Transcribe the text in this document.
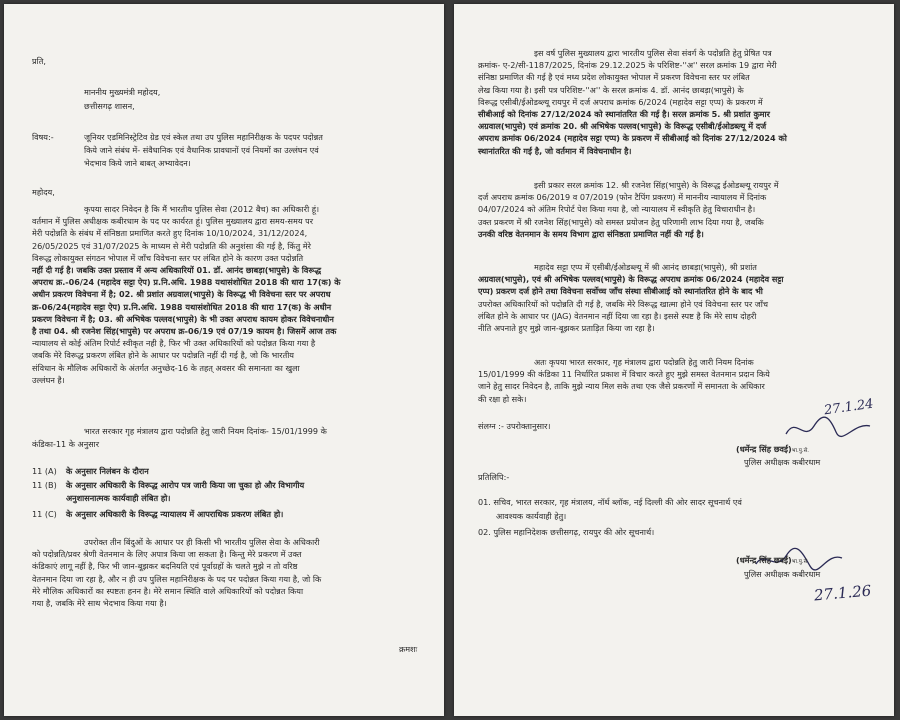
प्रति,
माननीय मुख्यमंत्री महोदय,
छत्तीसगढ़ शासन,
विषय:-	जूनियर एडमिनिस्ट्रेटिव ग्रेड एवं स्केल तथा उप पुलिस महानिरीक्षक के पदपर पदोन्नत
किये जाने संबंध में- संवैधानिक एवं वैधानिक प्रावधानों एवं नियमों का उल्लंघन एवं
भेदभाव किये जाने बाबत् अभ्यावेदन।
महोदय,
कृपया सादर निवेदन है कि मैं भारतीय पुलिस सेवा (2012 बैच) का अधिकारी हूं।
वर्तमान में पुलिस अधीक्षक कबीरधाम के पद पर कार्यरत हूं। पुलिस मुख्यालय द्वारा समय-समय पर
मेरी पदोन्नति के संबंध में संनिष्ठता प्रमाणित करते हुए दिनांक 10/10/2024, 31/12/2024,
26/05/2025 एवं 31/07/2025 के माध्यम से मेरी पदोन्नति की अनुशंसा की गई है, किंतु मेरे
विरूद्ध लोकायुक्त संगठन भोपाल में जाँच विवेचना स्तर पर लंबित होने के कारण उक्त पदोन्नति
नहीं दी गई है। जबकि उक्त प्रस्ताव में अन्य अधिकारियों 01. डॉ. आनंद छाबड़ा(भापुसे) के विरूद्ध
अपराध क्र.-06/24 (महादेव सट्टा ऐप) प्र.नि.अधि. 1988 यथासंशोधित 2018 की धारा 17(क) के
अधीन प्रकरण विवेचना में है; 02. श्री प्रशांत अग्रवाल(भापुसे) के विरूद्ध भी विवेचना स्तर पर अपराध
क्र-06/24(महादेव सट्टा ऐप) प्र.नि.अधि. 1988 यथासंशोधित 2018 की धारा 17(क) के अधीन
प्रकरण विवेचना में है; 03. श्री अभिषेक पल्लव(भापुसे) के भी उक्त अपराध कायम होकर विवेचनाधीन
है तथा 04. श्री रजनेश सिंह(भापुसे) पर अपराध क्र-06/19 एवं 07/19 कायम है। जिसमें आज तक
न्यायालय से कोई अंतिम रिपोर्ट स्वीकृत नही है, फिर भी उक्त अधिकारियों को पदोन्नत किया गया है
जबकि मेरे विरूद्ध प्रकरण लंबित होने के आधार पर पदोन्नति नहीं दी गई है, जो कि भारतीय
संविधान के मौलिक अधिकारों के अंतर्गत अनुच्छेद-16 के तहत् अवसर की समानता का खुला
उल्लंघन है।
भारत सरकार गृह मंत्रालय द्वारा पदोन्नति हेतु जारी नियम दिनांक- 15/01/1999 के
कंडिका-11 के अनुसार
11 (A) के अनुसार निलंबन के दौरान
11 (B) के अनुसार अधिकारी के विरूद्ध आरोप पत्र जारी किया जा चुका हो और विभागीय
अनुशासनात्मक कार्यवाही लंबित हो।
11 (C) के अनुसार अधिकारी के विरूद्ध न्यायालय में आपराधिक प्रकरण लंबित हो।
उपरोक्त तीन बिंदुओं के आधार पर ही किसी भी भारतीय पुलिस सेवा के अधिकारी
को पदोन्नति/प्रवर श्रेणी वेतनमान के लिए अपात्र किया जा सकता है। किन्तु मेरे प्रकरण में उक्त
कंडिकाएं लागू नहीं है, फिर भी जान-बूझकर बदनियति एवं पूर्वाग्रहों के चलते मुझे न तो वरिष्ठ
वेतनमान दिया जा रहा है, और न ही उप पुलिस महानिरीक्षक के पद पर पदोन्नत किया गया है, जो कि
मेरे मौलिक अधिकारों का स्पष्टतः हनन है। मेरे समान स्थिति वाले अधिकारियों को पदोन्नत किया
गया है, जबकि मेरे साथ भेदभाव किया गया है।
क्रमशः
इस वर्ष पुलिस मुख्यालय द्वारा भारतीय पुलिस सेवा संवर्ग के पदोन्नति हेतु प्रेषित पत्र
क्रमांक- ए-2/सी-1187/2025, दिनांक 29.12.2025 के परिशिष्ट-''अ'' सरल क्रमांक 19 द्वारा मेरी
संनिष्ठा प्रमाणित की गई है एवं मध्य प्रदेश लोकायुक्त भोपाल में प्रकरण विवेचना स्तर पर लंबित
लेख किया गया है। इसी पत्र परिशिष्ट-''अ'' के सरल क्रमांक 4. डॉ. आनंद छाबड़ा(भापुसे) के
विरूद्ध एसीबी/ईओडब्ल्यू रायपुर में दर्ज अपराध क्रमांक 6/2024 (महादेव सट्टा एप्प) के प्रकरण में
सीबीआई को दिनांक 27/12/2024 को स्थानांतरित की गई है। सरल क्रमांक 5. श्री प्रशांत कुमार
अग्रवाल(भापुसे) एवं क्रमांक 20. श्री अभिषेक पल्लव(भापुसे) के विरूद्ध एसीबी/ईओडब्ल्यू में दर्ज
अपराध क्रमांक 06/2024 (महादेव सट्टा एप्प) के प्रकरण में सीबीआई को दिनांक 27/12/2024 को
स्थानांतरित की गई है, जो वर्तमान में विवेचनाधीन है।
इसी प्रकार सरल क्रमांक 12. श्री रजनेश सिंह(भापुसे) के विरूद्ध ईओडब्ल्यू रायपुर में
दर्ज अपराध क्रमांक 06/2019 व 07/2019 (फोन टैपिंग प्रकरण) में माननीय न्यायालय में दिनांक
04/07/2024 को अंतिम रिपोर्ट पेश किया गया है, जो न्यायालय में स्वीकृति हेतु विचाराधीन है।
उक्त प्रकरण में श्री रजनेश सिंह(भापुसे) को समस्त प्रयोजन हेतु परिणामी लाभ दिया गया है, जबकि
उनकी वरिष्ठ वेतनमान के समय विभाग द्वारा संनिष्ठता प्रमाणित नहीं की गई है।
महादेव सट्टा एप्प में एसीबी/ईओडब्ल्यू में श्री आनंद छाबड़ा(भापुसे), श्री प्रशांत
अग्रवाल(भापुसे), एवं श्री अभिषेक पल्लव(भापुसे) के विरूद्ध अपराध क्रमांक 06/2024 (महादेव सट्टा
एप्प) प्रकरण दर्ज होने तथा विवेचना सर्वोच्च जाँच संस्था सीबीआई को स्थानांतरित होने के बाद भी
उपरोक्त अधिकारियों को पदोन्नति दी गई है, जबकि मेरे विरूद्ध खात्मा होने एवं विवेचना स्तर पर जाँच
लंबित होने के आधार पर (JAG) वेतनमान नहीं दिया जा रहा है। इससे स्पष्ट है कि मेरे साथ दोहरी
नीति अपनाते हुए मुझे जान-बूझकर प्रताड़ित किया जा रहा है।
अतः कृपया भारत सरकार, गृह मंत्रालय द्वारा पदोन्नति हेतु जारी नियम दिनांक
15/01/1999 की कंडिका 11 निर्धारित प्रकाश में विचार करते हुए मुझे समस्त वेतनमान प्रदान किये
जाने हेतु सादर निवेदन है, ताकि मुझे न्याय मिल सके तथा एक जैसे प्रकरणों में समानता के अधिकार
की रक्षा हो सके।
संलग्न :- उपरोक्तानुसार।
27.1.24
(धर्मेन्द्र सिंह छवई)भा.पु.से.
पुलिस अधीक्षक कबीरधाम
प्रतिलिपि:-
01. सचिव, भारत सरकार, गृह मंत्रालय, नॉर्थ ब्लॉक, नई दिल्ली की ओर सादर सूचनार्थ एवं
आवश्यक कार्यवाही हेतु।
02. पुलिस महानिदेशक छत्तीसगढ़, रायपुर की ओर सूचनार्थ।
(धर्मेन्द्र सिंह छवई)भा.पु.से.
पुलिस अधीक्षक कबीरधाम
27.1.26
